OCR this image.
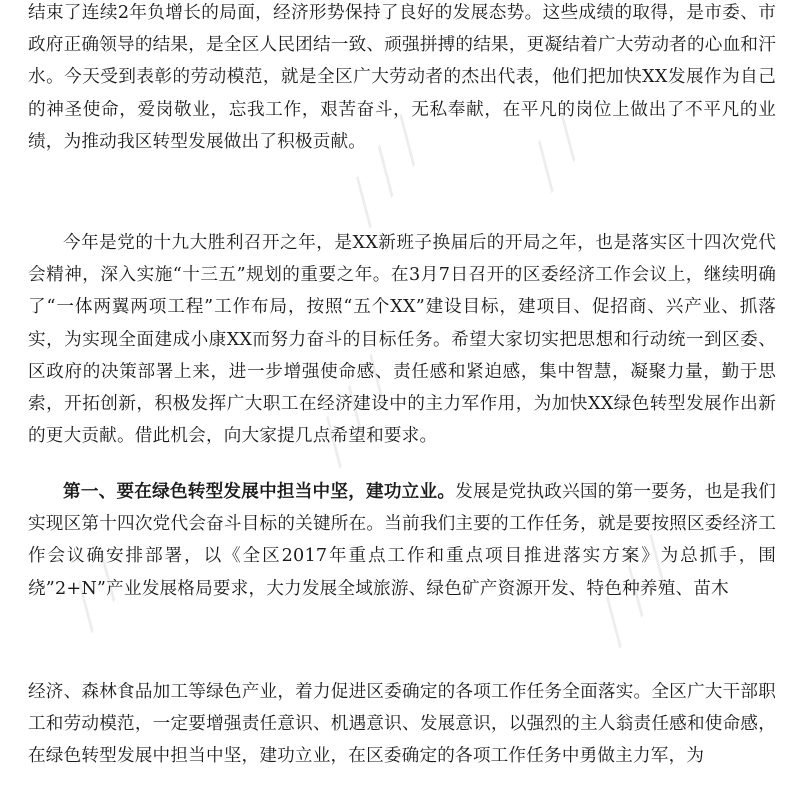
结束了连续2年负增长的局面，经济形势保持了良好的发展态势。这些成绩的取得，是市委、市政府正确领导的结果，是全区人民团结一致、顽强拼搏的结果，更凝结着广大劳动者的心血和汗水。今天受到表彰的劳动模范，就是全区广大劳动者的杰出代表，他们把加快XX发展作为自己的神圣使命，爱岗敬业，忘我工作，艰苦奋斗，无私奉献，在平凡的岗位上做出了不平凡的业绩，为推动我区转型发展做出了积极贡献。

今年是党的十九大胜利召开之年，是XX新班子换届后的开局之年，也是落实区十四次党代会精神，深入实施“十三五”规划的重要之年。在3月7日召开的区委经济工作会议上，继续明确了“一体两翼两项工程”工作布局，按照“五个XX”建设目标，建项目、促招商、兴产业、抓落实，为实现全面建成小康XX而努力奋斗的目标任务。希望大家切实把思想和行动统一到区委、区政府的决策部署上来，进一步增强使命感、责任感和紧迫感，集中智慧，凝聚力量，勤于思索，开拓创新，积极发挥广大职工在经济建设中的主力军作用，为加快XX绿色转型发展作出新的更大贡献。借此机会，向大家提几点希望和要求。

第一、要在绿色转型发展中担当中坚，建功立业。发展是党执政兴国的第一要务，也是我们实现区第十四次党代会奋斗目标的关键所在。当前我们主要的工作任务，就是要按照区委经济工作会议确安排部署，以《全区2017年重点工作和重点项目推进落实方案》为总抓手，围绕”2+N”产业发展格局要求，大力发展全域旅游、绿色矿产资源开发、特色种养殖、苗木

经济、森林食品加工等绿色产业，着力促进区委确定的各项工作任务全面落实。全区广大干部职工和劳动模范，一定要增强责任意识、机遇意识、发展意识，以强烈的主人翁责任感和使命感，在绿色转型发展中担当中坚，建功立业，在区委确定的各项工作任务中勇做主力军，为

⟋⟋⟋
⟋⟋⟋
⟋⟋⟋
⟋⟋
⟋⟋
